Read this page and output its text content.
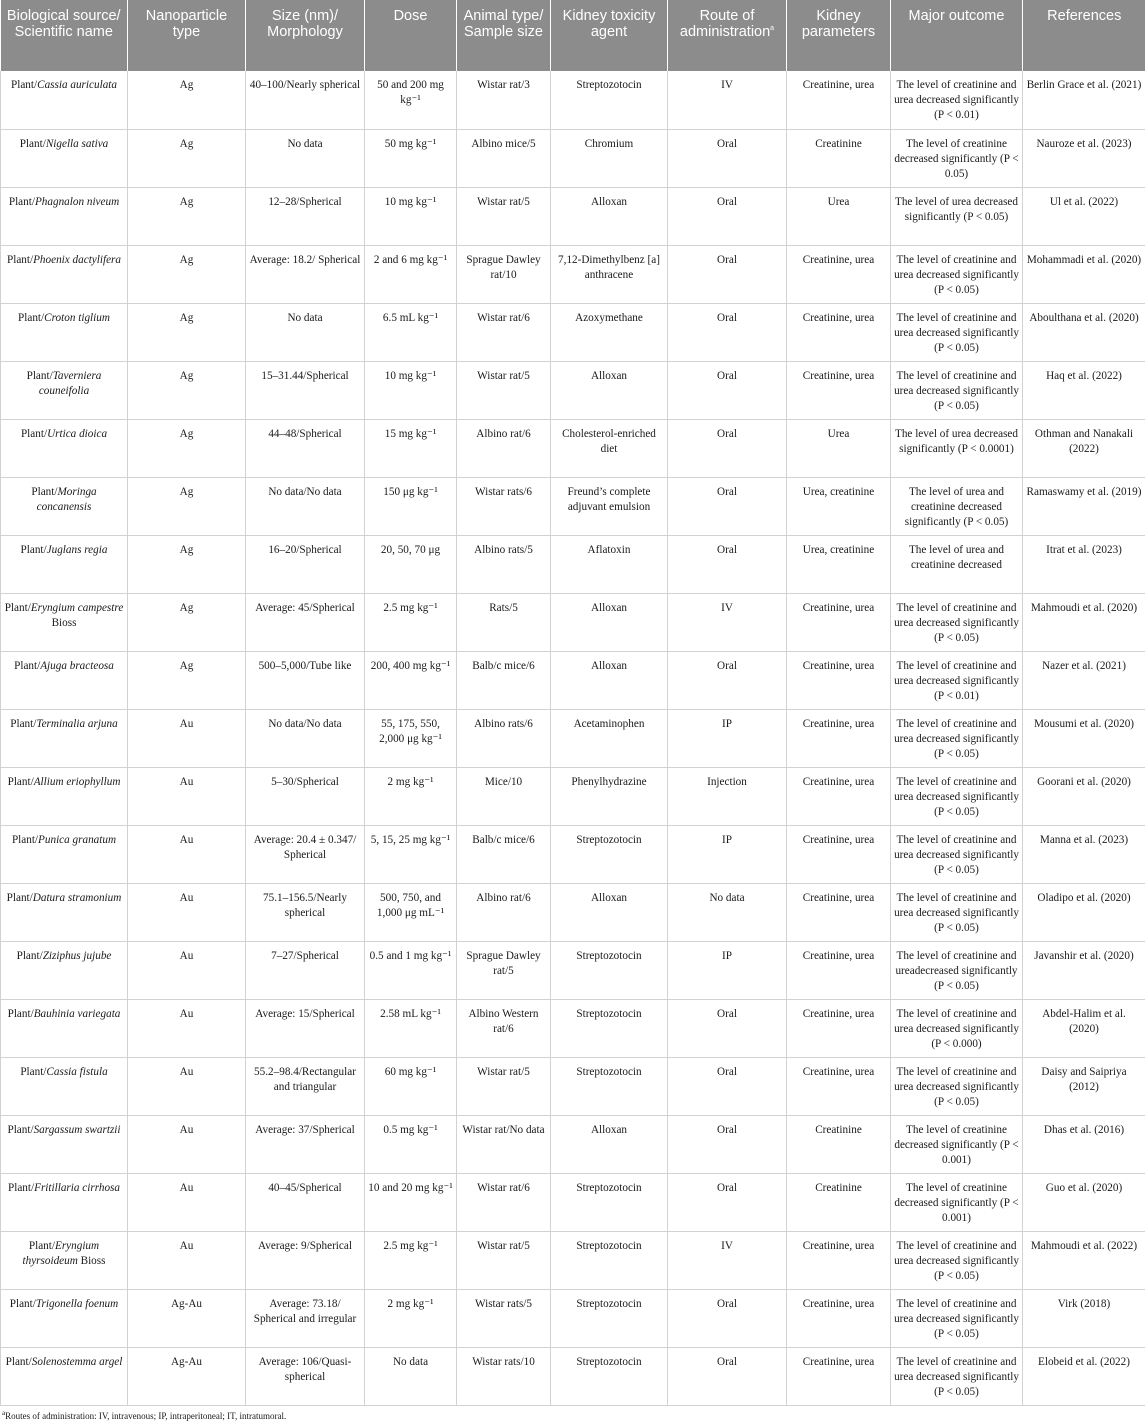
Biological source/ Scientific name	Nanoparticle type	Size (nm)/ Morphology	Dose	Animal type/ Sample size	Kidney toxicity agent	Route of administration$^a$	Kidney parameters	Major outcome	References
Plant/Cassia auriculata	Ag	40–100/Nearly spherical	50 and 200 mg kg⁻¹	Wistar rat/3	Streptozotocin	IV	Creatinine, urea	The level of creatinine and urea decreased significantly (P < 0.01)	Berlin Grace et al. (2021)
Plant/Nigella sativa	Ag	No data	50 mg kg⁻¹	Albino mice/5	Chromium	Oral	Creatinine	The level of creatinine decreased significantly (P < 0.05)	Nauroze et al. (2023)
Plant/Phagnalon niveum	Ag	12–28/Spherical	10 mg kg⁻¹	Wistar rat/5	Alloxan	Oral	Urea	The level of urea decreased significantly (P < 0.05)	Ul et al. (2022)
Plant/Phoenix dactylifera	Ag	Average: 18.2/ Spherical	2 and 6 mg kg⁻¹	Sprague Dawley rat/10	7,12-Dimethylbenz [a] anthracene	Oral	Creatinine, urea	The level of creatinine and urea decreased significantly (P < 0.05)	Mohammadi et al. (2020)
Plant/Croton tiglium	Ag	No data	6.5 mL kg⁻¹	Wistar rat/6	Azoxymethane	Oral	Creatinine, urea	The level of creatinine and urea decreased significantly (P < 0.05)	Aboulthana et al. (2020)
Plant/Taverniera couneifolia	Ag	15–31.44/Spherical	10 mg kg⁻¹	Wistar rat/5	Alloxan	Oral	Creatinine, urea	The level of creatinine and urea decreased significantly (P < 0.05)	Haq et al. (2022)
Plant/Urtica dioica	Ag	44–48/Spherical	15 mg kg⁻¹	Albino rat/6	Cholesterol-enriched diet	Oral	Urea	The level of urea decreased significantly (P < 0.0001)	Othman and Nanakali (2022)
Plant/Moringa concanensis	Ag	No data/No data	150 μg kg⁻¹	Wistar rats/6	Freund’s complete adjuvant emulsion	Oral	Urea, creatinine	The level of urea and creatinine decreased significantly (P < 0.05)	Ramaswamy et al. (2019)
Plant/Juglans regia	Ag	16–20/Spherical	20, 50, 70 μg	Albino rats/5	Aflatoxin	Oral	Urea, creatinine	The level of urea and creatinine decreased	Itrat et al. (2023)
Plant/Eryngium campestre Bioss	Ag	Average: 45/Spherical	2.5 mg kg⁻¹	Rats/5	Alloxan	IV	Creatinine, urea	The level of creatinine and urea decreased significantly (P < 0.05)	Mahmoudi et al. (2020)
Plant/Ajuga bracteosa	Ag	500–5,000/Tube like	200, 400 mg kg⁻¹	Balb/c mice/6	Alloxan	Oral	Creatinine, urea	The level of creatinine and urea decreased significantly (P < 0.01)	Nazer et al. (2021)
Plant/Terminalia arjuna	Au	No data/No data	55, 175, 550, 2,000 μg kg⁻¹	Albino rats/6	Acetaminophen	IP	Creatinine, urea	The level of creatinine and urea decreased significantly (P < 0.05)	Mousumi et al. (2020)
Plant/Allium eriophyllum	Au	5–30/Spherical	2 mg kg⁻¹	Mice/10	Phenylhydrazine	Injection	Creatinine, urea	The level of creatinine and urea decreased significantly (P < 0.05)	Goorani et al. (2020)
Plant/Punica granatum	Au	Average: 20.4 ± 0.347/ Spherical	5, 15, 25 mg kg⁻¹	Balb/c mice/6	Streptozotocin	IP	Creatinine, urea	The level of creatinine and urea decreased significantly (P < 0.05)	Manna et al. (2023)
Plant/Datura stramonium	Au	75.1–156.5/Nearly spherical	500, 750, and 1,000 μg mL⁻¹	Albino rat/6	Alloxan	No data	Creatinine, urea	The level of creatinine and urea decreased significantly (P < 0.05)	Oladipo et al. (2020)
Plant/Ziziphus jujube	Au	7–27/Spherical	0.5 and 1 mg kg⁻¹	Sprague Dawley rat/5	Streptozotocin	IP	Creatinine, urea	The level of creatinine and ureadecreased significantly (P < 0.05)	Javanshir et al. (2020)
Plant/Bauhinia variegata	Au	Average: 15/Spherical	2.58 mL kg⁻¹	Albino Western rat/6	Streptozotocin	Oral	Creatinine, urea	The level of creatinine and urea decreased significantly (P < 0.000)	Abdel-Halim et al. (2020)
Plant/Cassia fistula	Au	55.2–98.4/Rectangular and triangular	60 mg kg⁻¹	Wistar rat/5	Streptozotocin	Oral	Creatinine, urea	The level of creatinine and urea decreased significantly (P < 0.05)	Daisy and Saipriya (2012)
Plant/Sargassum swartzii	Au	Average: 37/Spherical	0.5 mg kg⁻¹	Wistar rat/No data	Alloxan	Oral	Creatinine	The level of creatinine decreased significantly (P < 0.001)	Dhas et al. (2016)
Plant/Fritillaria cirrhosa	Au	40–45/Spherical	10 and 20 mg kg⁻¹	Wistar rat/6	Streptozotocin	Oral	Creatinine	The level of creatinine decreased significantly (P < 0.001)	Guo et al. (2020)
Plant/Eryngium thyrsoideum Bioss	Au	Average: 9/Spherical	2.5 mg kg⁻¹	Wistar rat/5	Streptozotocin	IV	Creatinine, urea	The level of creatinine and urea decreased significantly (P < 0.05)	Mahmoudi et al. (2022)
Plant/Trigonella foenum	Ag-Au	Average: 73.18/ Spherical and irregular	2 mg kg⁻¹	Wistar rats/5	Streptozotocin	Oral	Creatinine, urea	The level of creatinine and urea decreased significantly (P < 0.05)	Virk (2018)
Plant/Solenostemma argel	Ag-Au	Average: 106/Quasi-spherical	No data	Wistar rats/10	Streptozotocin	Oral	Creatinine, urea	The level of creatinine and urea decreased significantly (P < 0.05)	Elobeid et al. (2022)
$^a$Routes of administration: IV, intravenous; IP, intraperitoneal; IT, intratumoral.
